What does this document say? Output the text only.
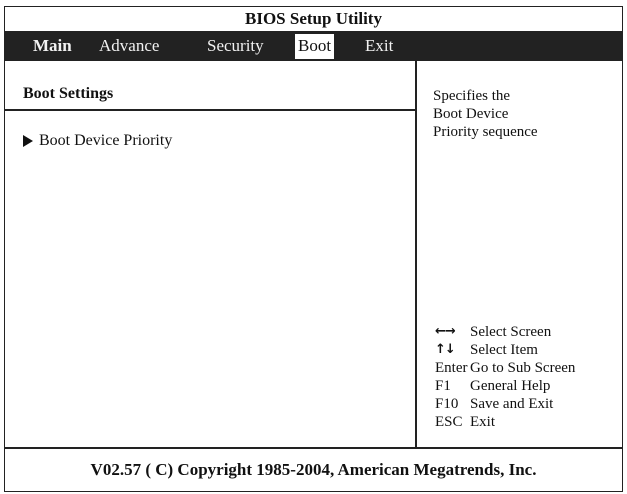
BIOS Setup Utility
Main Advance	Security Boot Exit
Boot Settings
Boot Device Priority
Specifies the
Boot Device
Priority sequence
←→	Select Screen
↑↓	Select Item
Enter Go to Sub Screen
F1	General Help
F10 Save and Exit
ESC Exit
V02.57 ( C) Copyright 1985-2004, American Megatrends, Inc.
